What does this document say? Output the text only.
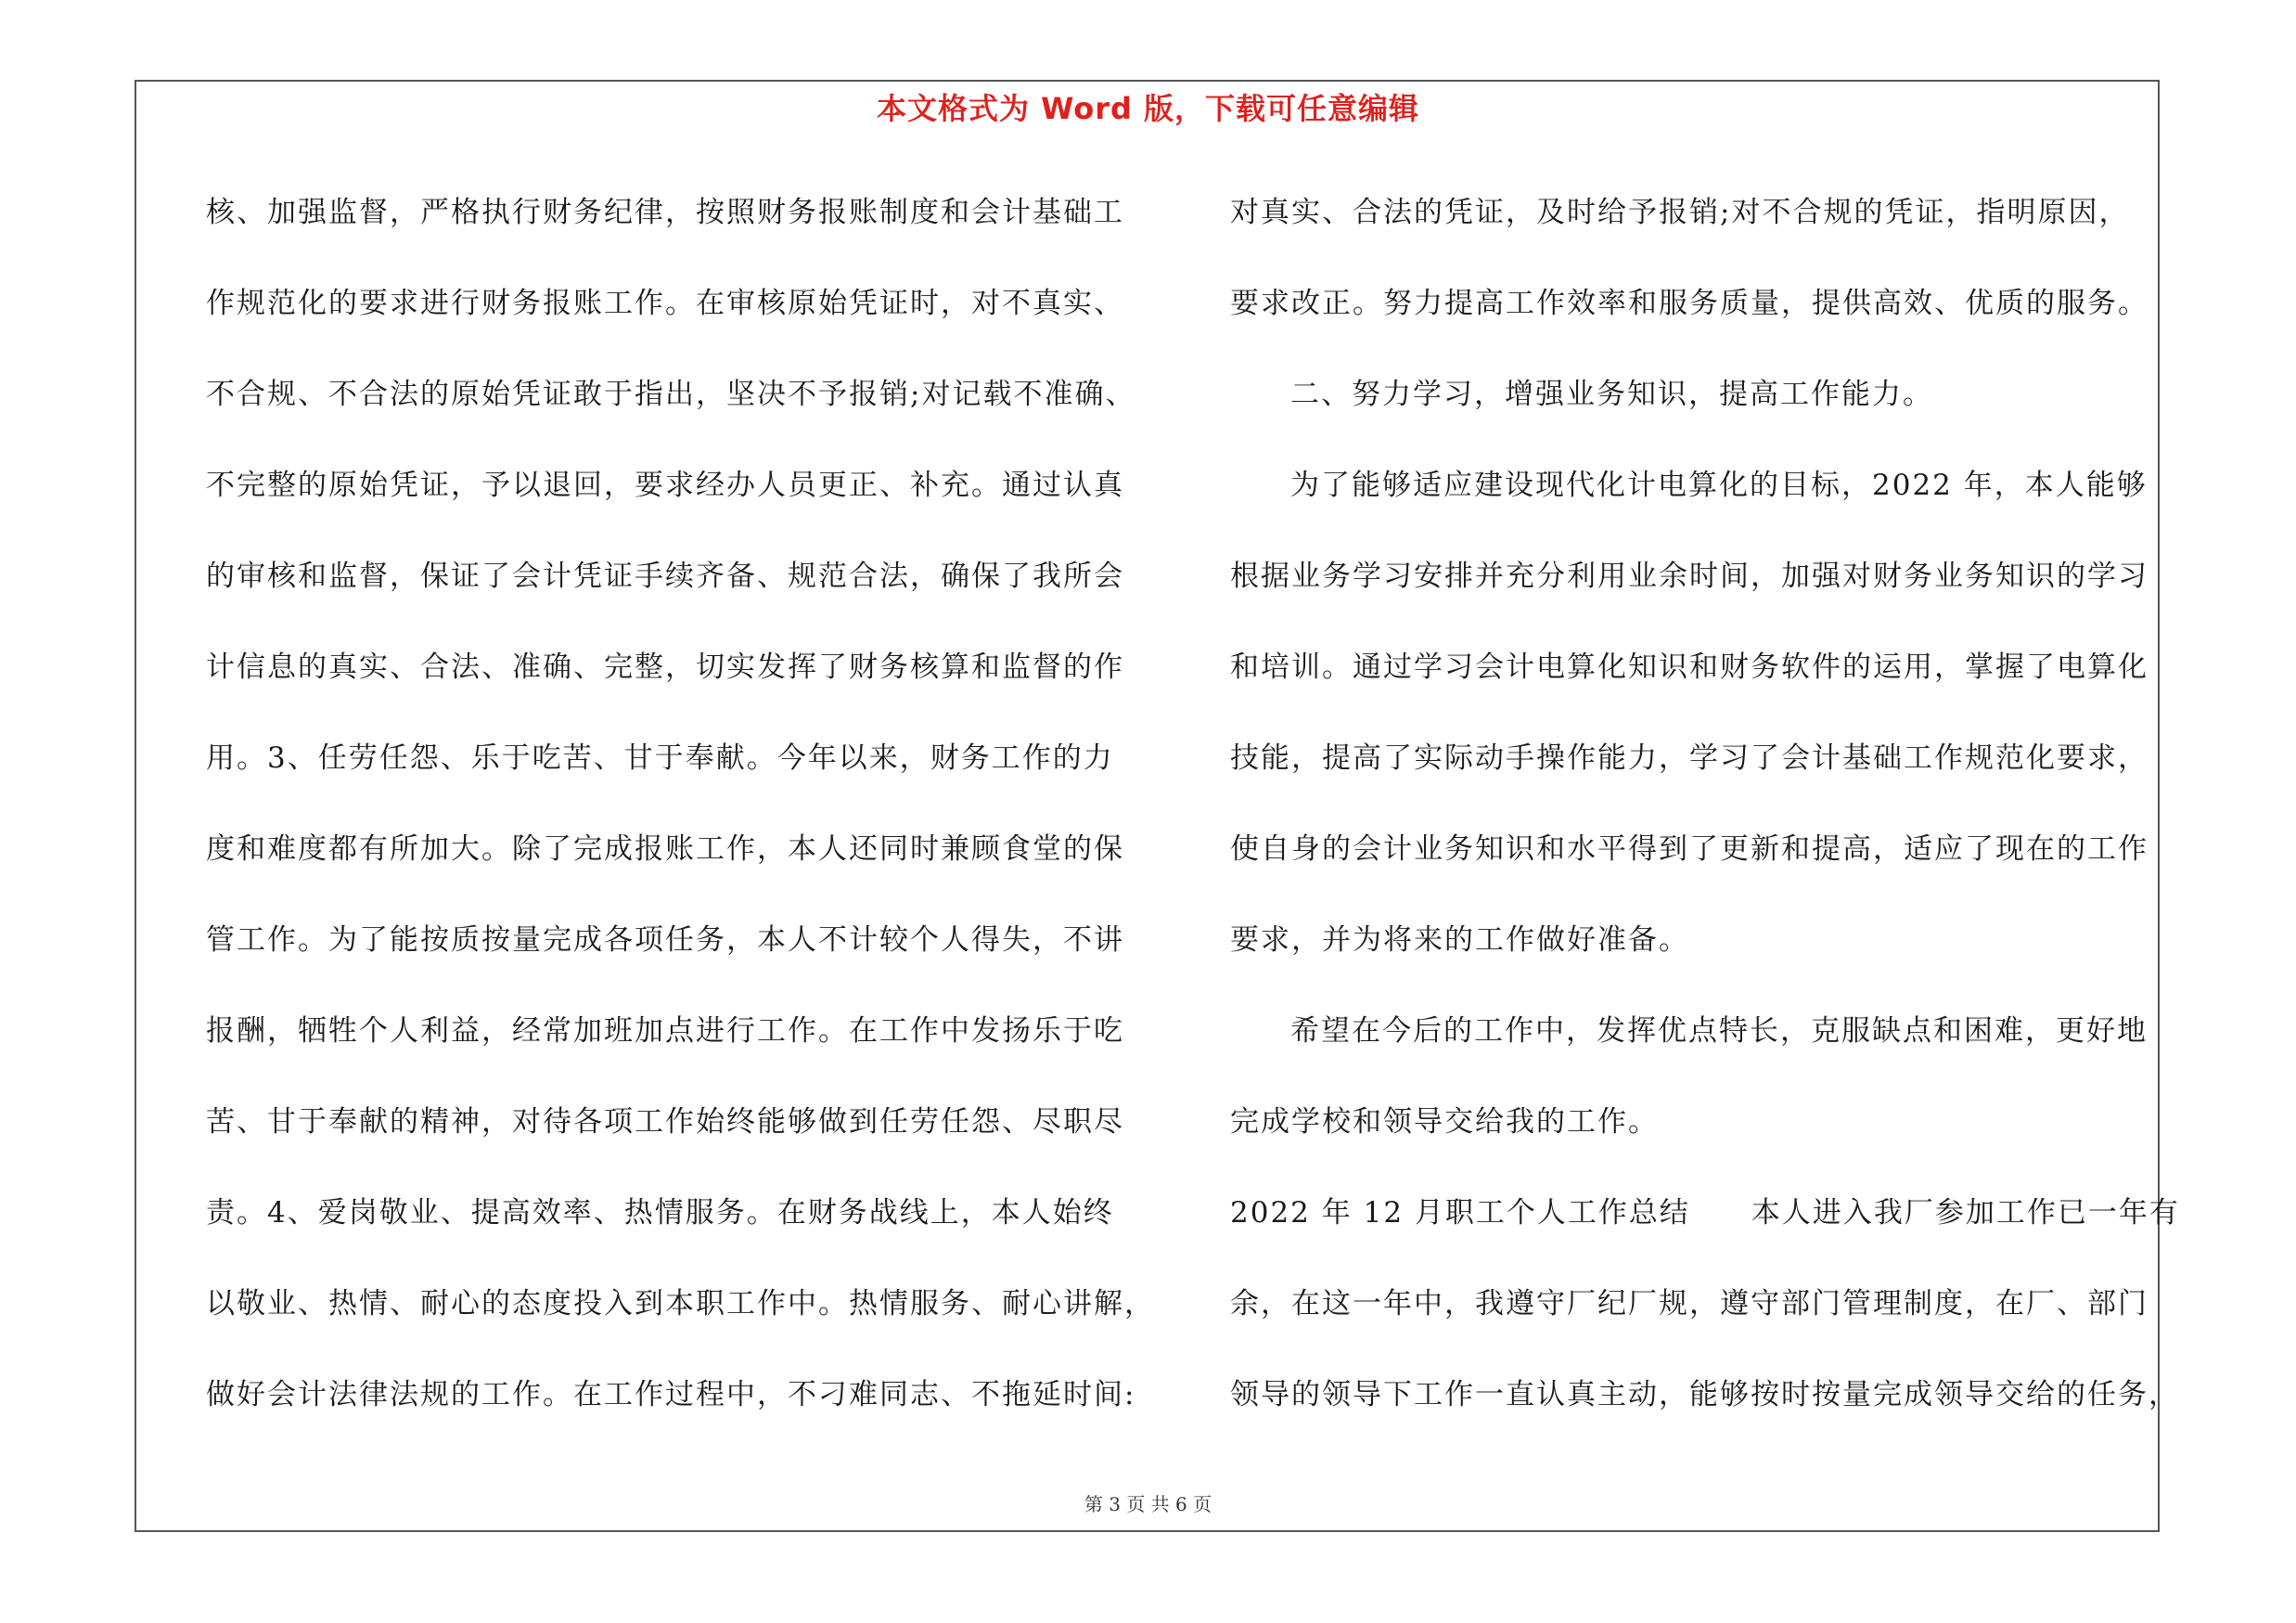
本文格式为 Word 版，下载可任意编辑
核、加强监督，严格执行财务纪律，按照财务报账制度和会计基础工
作规范化的要求进行财务报账工作。在审核原始凭证时，对不真实、
不合规、不合法的原始凭证敢于指出，坚决不予报销;对记载不准确、
不完整的原始凭证，予以退回，要求经办人员更正、补充。通过认真
的审核和监督，保证了会计凭证手续齐备、规范合法，确保了我所会
计信息的真实、合法、准确、完整，切实发挥了财务核算和监督的作
用。3、任劳任怨、乐于吃苦、甘于奉献。今年以来，财务工作的力
度和难度都有所加大。除了完成报账工作，本人还同时兼顾食堂的保
管工作。为了能按质按量完成各项任务，本人不计较个人得失，不讲
报酬，牺牲个人利益，经常加班加点进行工作。在工作中发扬乐于吃
苦、甘于奉献的精神，对待各项工作始终能够做到任劳任怨、尽职尽
责。4、爱岗敬业、提高效率、热情服务。在财务战线上，本人始终
以敬业、热情、耐心的态度投入到本职工作中。热情服务、耐心讲解，
做好会计法律法规的工作。在工作过程中，不刁难同志、不拖延时间:
对真实、合法的凭证，及时给予报销;对不合规的凭证，指明原因，
要求改正。努力提高工作效率和服务质量，提供高效、优质的服务。
二、努力学习，增强业务知识，提高工作能力。
为了能够适应建设现代化计电算化的目标，2022 年，本人能够
根据业务学习安排并充分利用业余时间，加强对财务业务知识的学习
和培训。通过学习会计电算化知识和财务软件的运用，掌握了电算化
技能，提高了实际动手操作能力，学习了会计基础工作规范化要求，
使自身的会计业务知识和水平得到了更新和提高，适应了现在的工作
要求，并为将来的工作做好准备。
希望在今后的工作中，发挥优点特长，克服缺点和困难，更好地
完成学校和领导交给我的工作。
2022 年 12 月职工个人工作总结　　本人进入我厂参加工作已一年有
余，在这一年中，我遵守厂纪厂规，遵守部门管理制度，在厂、部门
领导的领导下工作一直认真主动，能够按时按量完成领导交给的任务，
第 3 页 共 6 页
